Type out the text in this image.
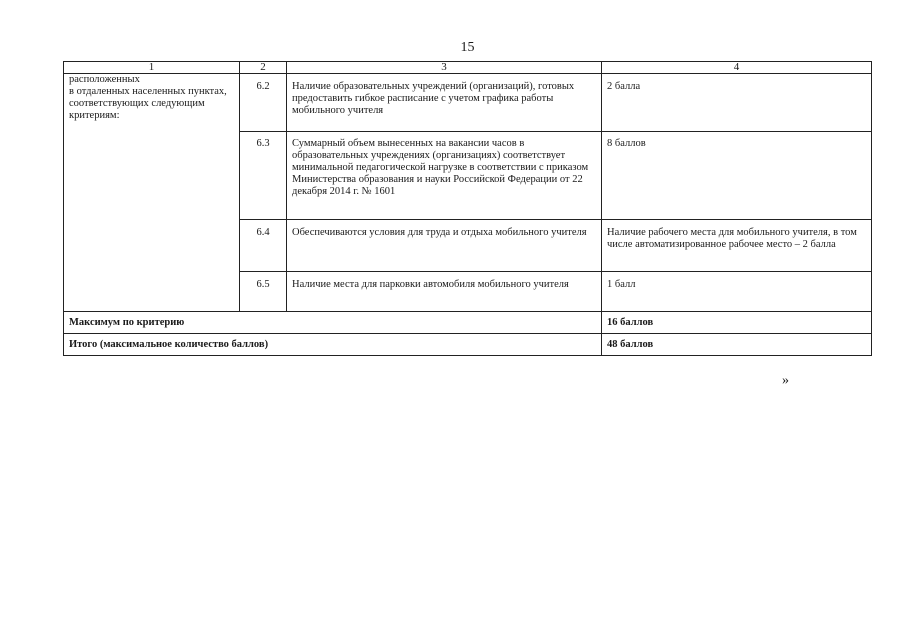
15
1	2	3	4
расположенных
в отдаленных населенных пунктах, соответствующих следующим критериям:	6.2	Наличие образовательных учреждений (организаций), готовых предоставить гибкое расписание с учетом графика работы мобильного учителя	2 балла
	6.3	Суммарный объем вынесенных на вакансии часов в образовательных учреждениях (организациях) соответствует минимальной педагогической нагрузке в соответствии с приказом Министерства образования и науки Российской Федерации от 22 декабря 2014 г. № 1601	8 баллов
	6.4	Обеспечиваются условия для труда и отдыха мобильного учителя	Наличие рабочего места для мобильного учителя, в том числе автоматизированное рабочее место – 2 балла
	6.5	Наличие места для парковки автомобиля мобильного учителя	1 балл
Максимум по критерию			16 баллов
Итого (максимальное количество баллов)			48 баллов
»
